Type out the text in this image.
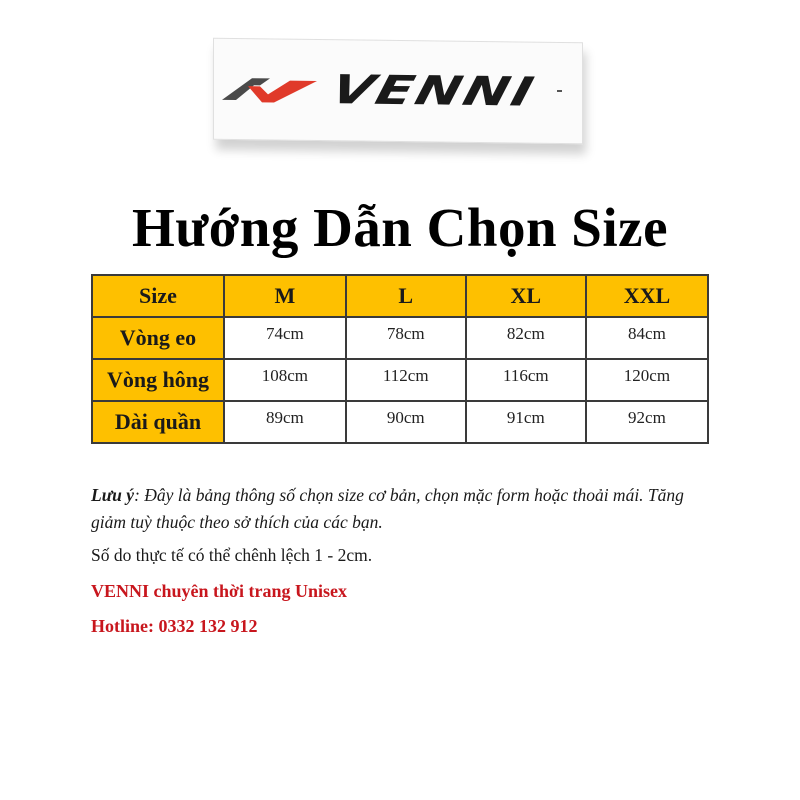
VENNI
Hướng Dẫn Chọn Size
Size	M	L	XL	XXL
Vòng eo	74cm	78cm	82cm	84cm
Vòng hông	108cm	112cm	116cm	120cm
Dài quần	89cm	90cm	91cm	92cm

Lưu ý: Đây là bảng thông số chọn size cơ bản, chọn mặc form hoặc thoải mái. Tăng giảm tuỳ thuộc theo sở thích của các bạn.

Số do thực tế có thể chênh lệch 1 - 2cm.

VENNI chuyên thời trang Unisex

Hotline: 0332 132 912
